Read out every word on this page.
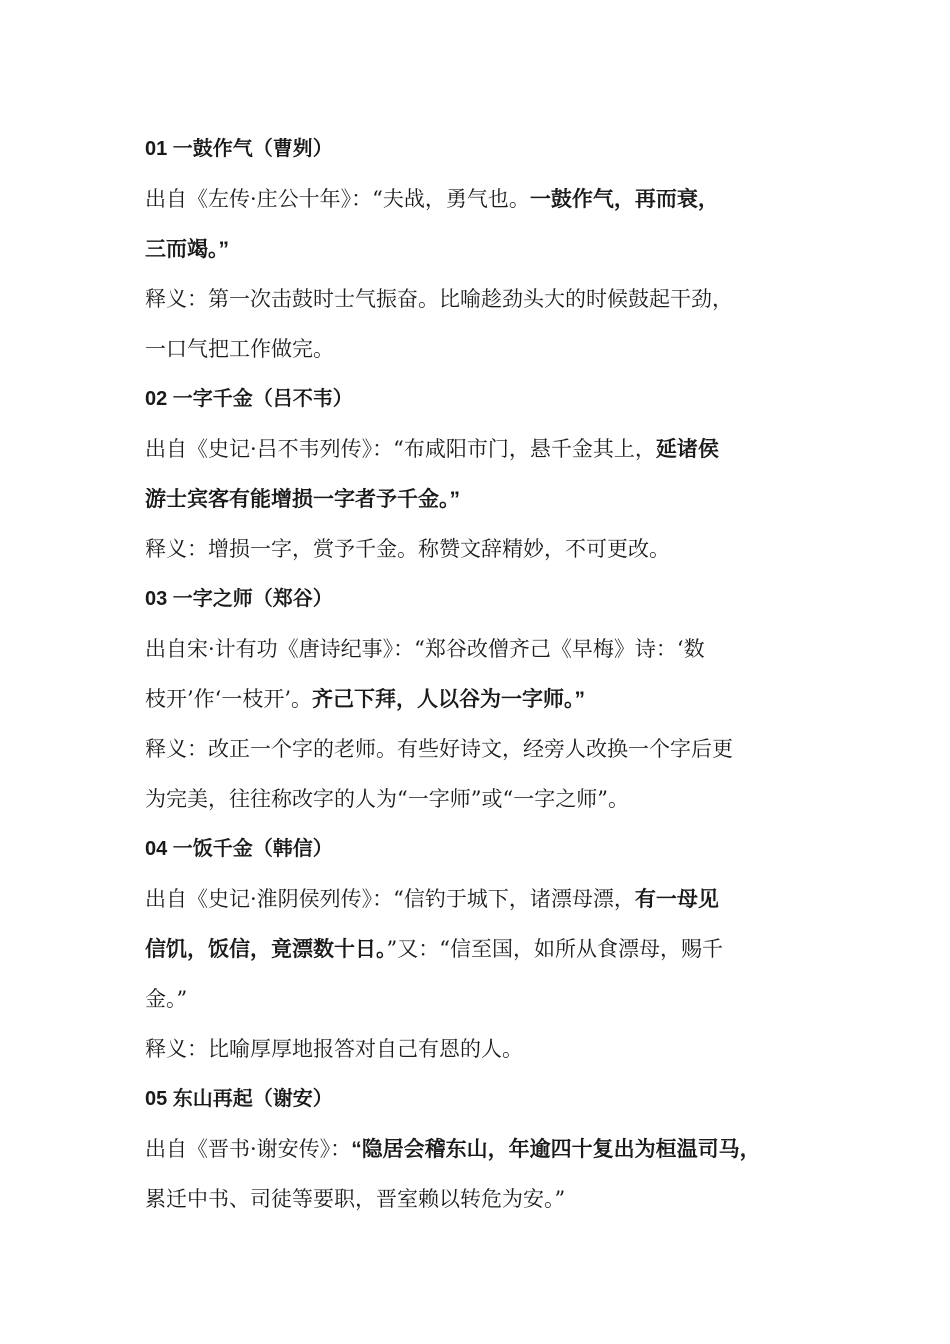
01 一鼓作气（曹刿）
出自《左传·庄公十年》：“夫战，勇气也。一鼓作气，再而衰，
三而竭。”
释义：第一次击鼓时士气振奋。比喻趁劲头大的时候鼓起干劲，
一口气把工作做完。
02 一字千金（吕不韦）
出自《史记·吕不韦列传》：“布咸阳市门，悬千金其上，延诸侯
游士宾客有能增损一字者予千金。”
释义：增损一字，赏予千金。称赞文辞精妙，不可更改。
03 一字之师（郑谷）
出自宋·计有功《唐诗纪事》：“郑谷改僧齐己《早梅》诗：‘数
枝开’作‘一枝开’。齐己下拜，人以谷为一字师。”
释义：改正一个字的老师。有些好诗文，经旁人改换一个字后更
为完美，往往称改字的人为“一字师”或“一字之师”。
04 一饭千金（韩信）
出自《史记·淮阴侯列传》：“信钓于城下，诸漂母漂，有一母见
信饥，饭信，竟漂数十日。”又：“信至国，如所从食漂母，赐千
金。”
释义：比喻厚厚地报答对自己有恩的人。
05 东山再起（谢安）
出自《晋书·谢安传》：“隐居会稽东山，年逾四十复出为桓温司马，
累迁中书、司徒等要职，晋室赖以转危为安。”
